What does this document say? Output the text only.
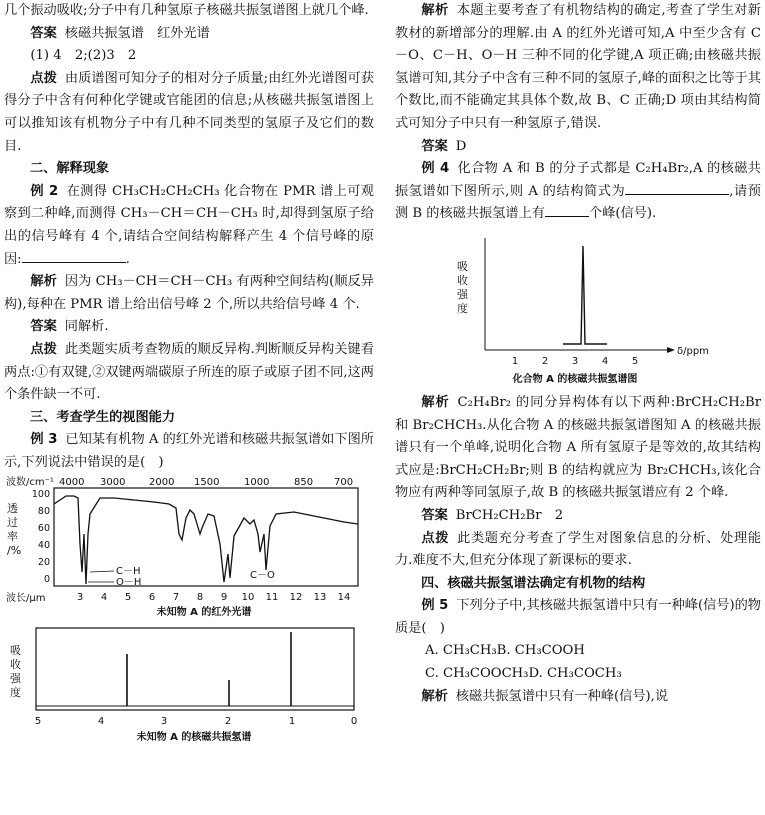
几个振动吸收;分子中有几种氢原子核磁共振氢谱图上就几个峰.

答案 核磁共振氢谱　红外光谱

(1) 4　2;(2)3　2

点拨 由质谱图可知分子的相对分子质量;由红外光谱图可获得分子中含有何种化学键或官能团的信息;从核磁共振氢谱图上可以推知该有机物分子中有几种不同类型的氢原子及它们的数目.

二、解释现象

例 2 在测得 CH₃CH₂CH₂CH₃ 化合物在 PMR 谱上可观察到二种峰,而测得 CH₃－CH＝CH－CH₃ 时,却得到氢原子给出的信号峰有 4 个,请结合空间结构解释产生 4 个信号峰的原因:	.

解析 因为 CH₃－CH＝CH－CH₃ 有两种空间结构(顺反异构),每种在 PMR 谱上给出信号峰 2 个,所以共给信号峰 4 个.

答案 同解析.

点拨 此类题实质考查物质的顺反异构.判断顺反异构关键看两点:①有双键,②双键两端碳原子所连的原子或原子团不同,这两个条件缺一不可.

三、考查学生的视图能力

例 3 已知某有机物 A 的红外光谱和核磁共振氢谱如下图所示,下列说法中错误的是(　)

波数/cm⁻¹ 4000 3000 2000 1500 1000 850 700
透
过
率
/%
100
80
60
40
20
0
C－H
O－H
C－O
波长/μm	3 4 5 6 7 8 9 10 11 12 13 14
未知物 A 的红外光谱
吸
收
强
度
5	4	3	2	1	0
未知物 A 的核磁共振氢谱

解析 本题主要考查了有机物结构的确定,考查了学生对新教材的新增部分的理解.由 A 的红外光谱可知,A 中至少含有 C－O、C－H、O－H 三种不同的化学键,A 项正确;由核磁共振氢谱可知,其分子中含有三种不同的氢原子,峰的面积之比等于其个数比,而不能确定其具体个数,故 B、C 正确;D 项由其结构简式可知分子中只有一种氢原子,错误.

答案 D

例 4 化合物 A 和 B 的分子式都是 C₂H₄Br₂,A 的核磁共振氢谱如下图所示,则 A 的结构简式为	,请预测 B 的核磁共振氢谱上有	个峰(信号).

吸
收
强
度
1 2 3 4 5
δ/ppm
化合物 A 的核磁共振氢谱图

解析 C₂H₄Br₂ 的同分异构体有以下两种:BrCH₂CH₂Br 和 Br₂CHCH₃.从化合物 A 的核磁共振氢谱图知 A 的核磁共振谱只有一个单峰,说明化合物 A 所有氢原子是等效的,故其结构式应是:BrCH₂CH₂Br;则 B 的结构就应为 Br₂CHCH₃,该化合物应有两种等同氢原子,故 B 的核磁共振氢谱应有 2 个峰.

答案 BrCH₂CH₂Br　2

点拨 此类题充分考查了学生对图象信息的分析、处理能力.难度不大,但充分体现了新课标的要求.

四、核磁共振氢谱法确定有机物的结构

例 5 下列分子中,其核磁共振氢谱中只有一种峰(信号)的物质是(　)

A. CH₃CH₃ B. CH₃COOH

C. CH₃COOCH₃ D. CH₃COCH₃

解析 核磁共振氢谱中只有一种峰(信号),说
